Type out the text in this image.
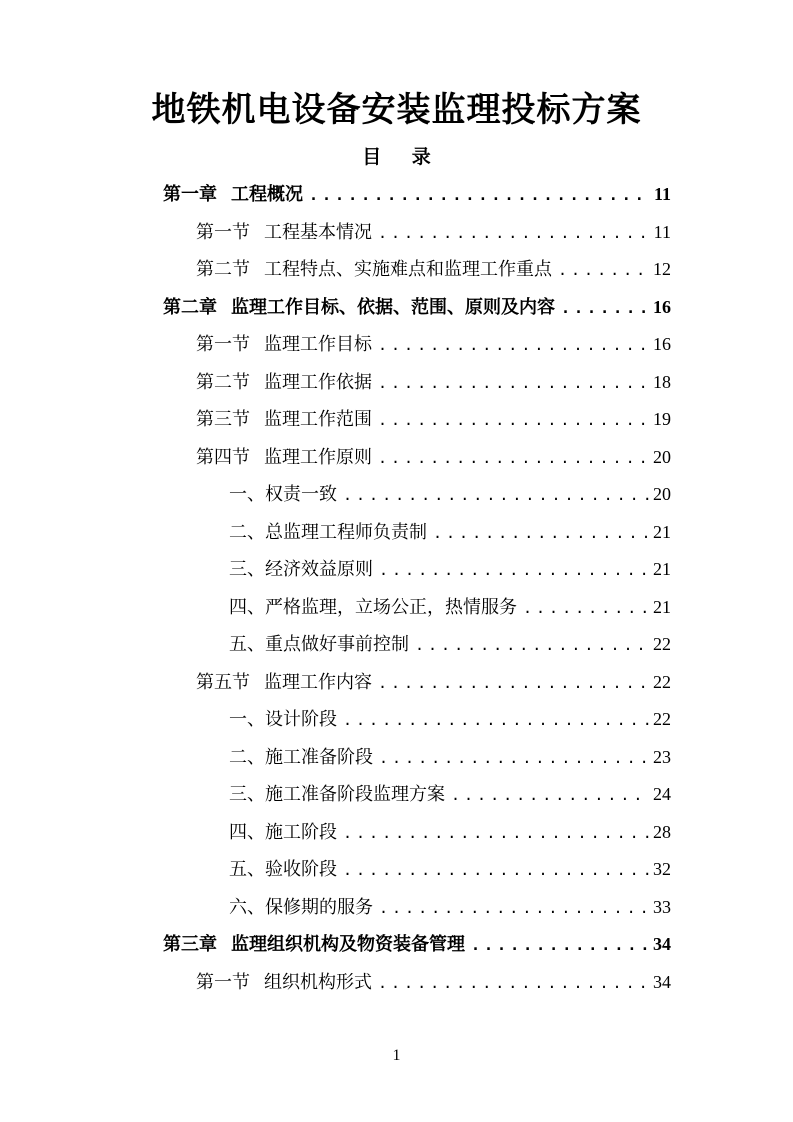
地铁机电设备安装监理投标方案
目 录
第一章 工程概况 .....	11
第一节 工程基本情况 .....	11
第二节 工程特点、实施难点和监理工作重点 .....	12
第二章 监理工作目标、依据、范围、原则及内容 .....	16
第一节 监理工作目标 .....	16
第二节 监理工作依据 .....	18
第三节 监理工作范围 .....	19
第四节 监理工作原则 .....	20
一、权责一致 .....	20
二、总监理工程师负责制 .....	21
三、经济效益原则 .....	21
四、严格监理，立场公正，热情服务 .....	21
五、重点做好事前控制 .....	22
第五节 监理工作内容 .....	22
一、设计阶段 .....	22
二、施工准备阶段 .....	23
三、施工准备阶段监理方案 .....	24
四、施工阶段 .....	28
五、验收阶段 .....	32
六、保修期的服务 .....	33
第三章 监理组织机构及物资装备管理 .....	34
第一节 组织机构形式 .....	34
1
